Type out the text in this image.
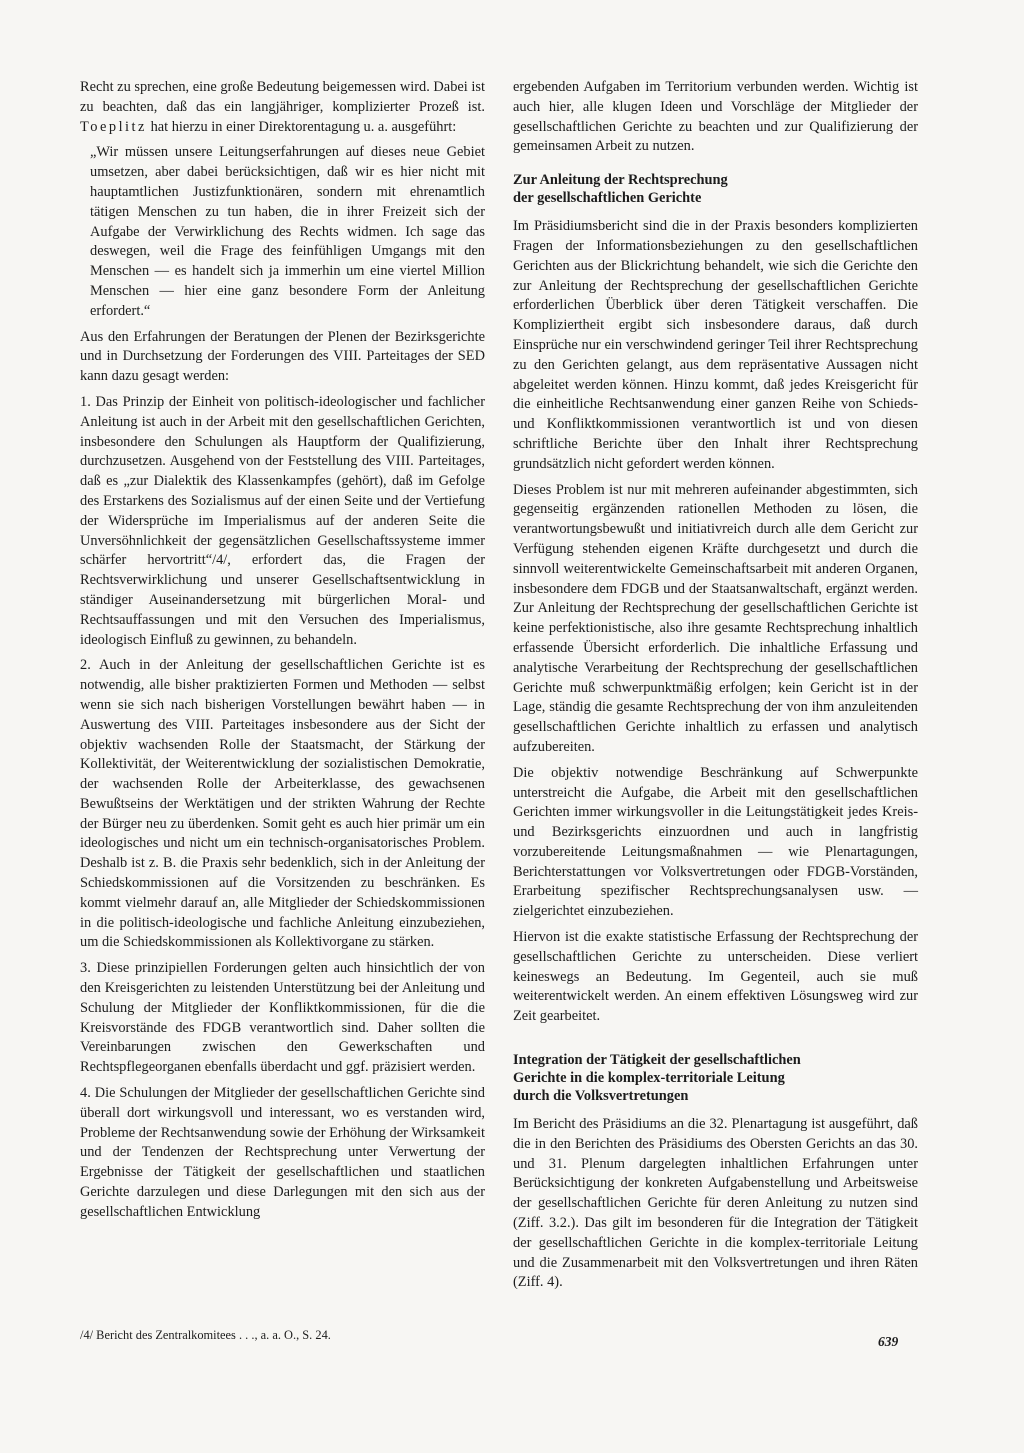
Recht zu sprechen, eine große Bedeutung beigemessen wird. Dabei ist zu beachten, daß das ein langjähriger, komplizierter Prozeß ist. Toeplitz hat hierzu in einer Direktorentagung u. a. ausgeführt:

„Wir müssen unsere Leitungserfahrungen auf dieses neue Gebiet umsetzen, aber dabei berücksichtigen, daß wir es hier nicht mit hauptamtlichen Justizfunktionären, sondern mit ehrenamtlich tätigen Menschen zu tun haben, die in ihrer Freizeit sich der Aufgabe der Verwirklichung des Rechts widmen. Ich sage das deswegen, weil die Frage des feinfühligen Umgangs mit den Menschen — es handelt sich ja immerhin um eine viertel Million Menschen — hier eine ganz besondere Form der Anleitung erfordert.“

Aus den Erfahrungen der Beratungen der Plenen der Bezirksgerichte und in Durchsetzung der Forderungen des VIII. Parteitages der SED kann dazu gesagt werden:

1. Das Prinzip der Einheit von politisch-ideologischer und fachlicher Anleitung ist auch in der Arbeit mit den gesellschaftlichen Gerichten, insbesondere den Schulungen als Hauptform der Qualifizierung, durchzusetzen. Ausgehend von der Feststellung des VIII. Parteitages, daß es „zur Dialektik des Klassenkampfes (gehört), daß im Gefolge des Erstarkens des Sozialismus auf der einen Seite und der Vertiefung der Widersprüche im Imperialismus auf der anderen Seite die Unversöhnlichkeit der gegensätzlichen Gesellschaftssysteme immer schärfer hervortritt“/4/, erfordert das, die Fragen der Rechtsverwirklichung und unserer Gesellschaftsentwicklung in ständiger Auseinandersetzung mit bürgerlichen Moral- und Rechtsauffassungen und mit den Versuchen des Imperialismus, ideologisch Einfluß zu gewinnen, zu behandeln.

2. Auch in der Anleitung der gesellschaftlichen Gerichte ist es notwendig, alle bisher praktizierten Formen und Methoden — selbst wenn sie sich nach bisherigen Vorstellungen bewährt haben — in Auswertung des VIII. Parteitages insbesondere aus der Sicht der objektiv wachsenden Rolle der Staatsmacht, der Stärkung der Kollektivität, der Weiterentwicklung der sozialistischen Demokratie, der wachsenden Rolle der Arbeiterklasse, des gewachsenen Bewußtseins der Werktätigen und der strikten Wahrung der Rechte der Bürger neu zu überdenken. Somit geht es auch hier primär um ein ideologisches und nicht um ein technisch-organisatorisches Problem. Deshalb ist z. B. die Praxis sehr bedenklich, sich in der Anleitung der Schiedskommissionen auf die Vorsitzenden zu beschränken. Es kommt vielmehr darauf an, alle Mitglieder der Schiedskommissionen in die politisch-ideologische und fachliche Anleitung einzubeziehen, um die Schiedskommissionen als Kollektivorgane zu stärken.

3. Diese prinzipiellen Forderungen gelten auch hinsichtlich der von den Kreisgerichten zu leistenden Unterstützung bei der Anleitung und Schulung der Mitglieder der Konfliktkommissionen, für die die Kreisvorstände des FDGB verantwortlich sind. Daher sollten die Vereinbarungen zwischen den Gewerkschaften und Rechtspflegeorganen ebenfalls überdacht und ggf. präzisiert werden.

4. Die Schulungen der Mitglieder der gesellschaftlichen Gerichte sind überall dort wirkungsvoll und interessant, wo es verstanden wird, Probleme der Rechtsanwendung sowie der Erhöhung der Wirksamkeit und der Tendenzen der Rechtsprechung unter Verwertung der Ergebnisse der Tätigkeit der gesellschaftlichen und staatlichen Gerichte darzulegen und diese Darlegungen mit den sich aus der gesellschaftlichen Entwicklung

ergebenden Aufgaben im Territorium verbunden werden. Wichtig ist auch hier, alle klugen Ideen und Vorschläge der Mitglieder der gesellschaftlichen Gerichte zu beachten und zur Qualifizierung der gemeinsamen Arbeit zu nutzen.

Zur Anleitung der Rechtsprechung
der gesellschaftlichen Gerichte

Im Präsidiumsbericht sind die in der Praxis besonders komplizierten Fragen der Informationsbeziehungen zu den gesellschaftlichen Gerichten aus der Blickrichtung behandelt, wie sich die Gerichte den zur Anleitung der Rechtsprechung der gesellschaftlichen Gerichte erforderlichen Überblick über deren Tätigkeit verschaffen. Die Kompliziertheit ergibt sich insbesondere daraus, daß durch Einsprüche nur ein verschwindend geringer Teil ihrer Rechtsprechung zu den Gerichten gelangt, aus dem repräsentative Aussagen nicht abgeleitet werden können. Hinzu kommt, daß jedes Kreisgericht für die einheitliche Rechtsanwendung einer ganzen Reihe von Schieds- und Konfliktkommissionen verantwortlich ist und von diesen schriftliche Berichte über den Inhalt ihrer Rechtsprechung grundsätzlich nicht gefordert werden können.

Dieses Problem ist nur mit mehreren aufeinander abgestimmten, sich gegenseitig ergänzenden rationellen Methoden zu lösen, die verantwortungsbewußt und initiativreich durch alle dem Gericht zur Verfügung stehenden eigenen Kräfte durchgesetzt und durch die sinnvoll weiterentwickelte Gemeinschaftsarbeit mit anderen Organen, insbesondere dem FDGB und der Staatsanwaltschaft, ergänzt werden. Zur Anleitung der Rechtsprechung der gesellschaftlichen Gerichte ist keine perfektionistische, also ihre gesamte Rechtsprechung inhaltlich erfassende Übersicht erforderlich. Die inhaltliche Erfassung und analytische Verarbeitung der Rechtsprechung der gesellschaftlichen Gerichte muß schwerpunktmäßig erfolgen; kein Gericht ist in der Lage, ständig die gesamte Rechtsprechung der von ihm anzuleitenden gesellschaftlichen Gerichte inhaltlich zu erfassen und analytisch aufzubereiten.

Die objektiv notwendige Beschränkung auf Schwerpunkte unterstreicht die Aufgabe, die Arbeit mit den gesellschaftlichen Gerichten immer wirkungsvoller in die Leitungstätigkeit jedes Kreis- und Bezirksgerichts einzuordnen und auch in langfristig vorzubereitende Leitungsmaßnahmen — wie Plenartagungen, Berichterstattungen vor Volksvertretungen oder FDGB-Vorständen, Erarbeitung spezifischer Rechtsprechungsanalysen usw. — zielgerichtet einzubeziehen.

Hiervon ist die exakte statistische Erfassung der Rechtsprechung der gesellschaftlichen Gerichte zu unterscheiden. Diese verliert keineswegs an Bedeutung. Im Gegenteil, auch sie muß weiterentwickelt werden. An einem effektiven Lösungsweg wird zur Zeit gearbeitet.

Integration der Tätigkeit der gesellschaftlichen
Gerichte in die komplex-territoriale Leitung
durch die Volksvertretungen

Im Bericht des Präsidiums an die 32. Plenartagung ist ausgeführt, daß die in den Berichten des Präsidiums des Obersten Gerichts an das 30. und 31. Plenum dargelegten inhaltlichen Erfahrungen unter Berücksichtigung der konkreten Aufgabenstellung und Arbeitsweise der gesellschaftlichen Gerichte für deren Anleitung zu nutzen sind (Ziff. 3.2.). Das gilt im besonderen für die Integration der Tätigkeit der gesellschaftlichen Gerichte in die komplex-territoriale Leitung und die Zusammenarbeit mit den Volksvertretungen und ihren Räten (Ziff. 4).

/4/ Bericht des Zentralkomitees . . ., a. a. O., S. 24.	639
